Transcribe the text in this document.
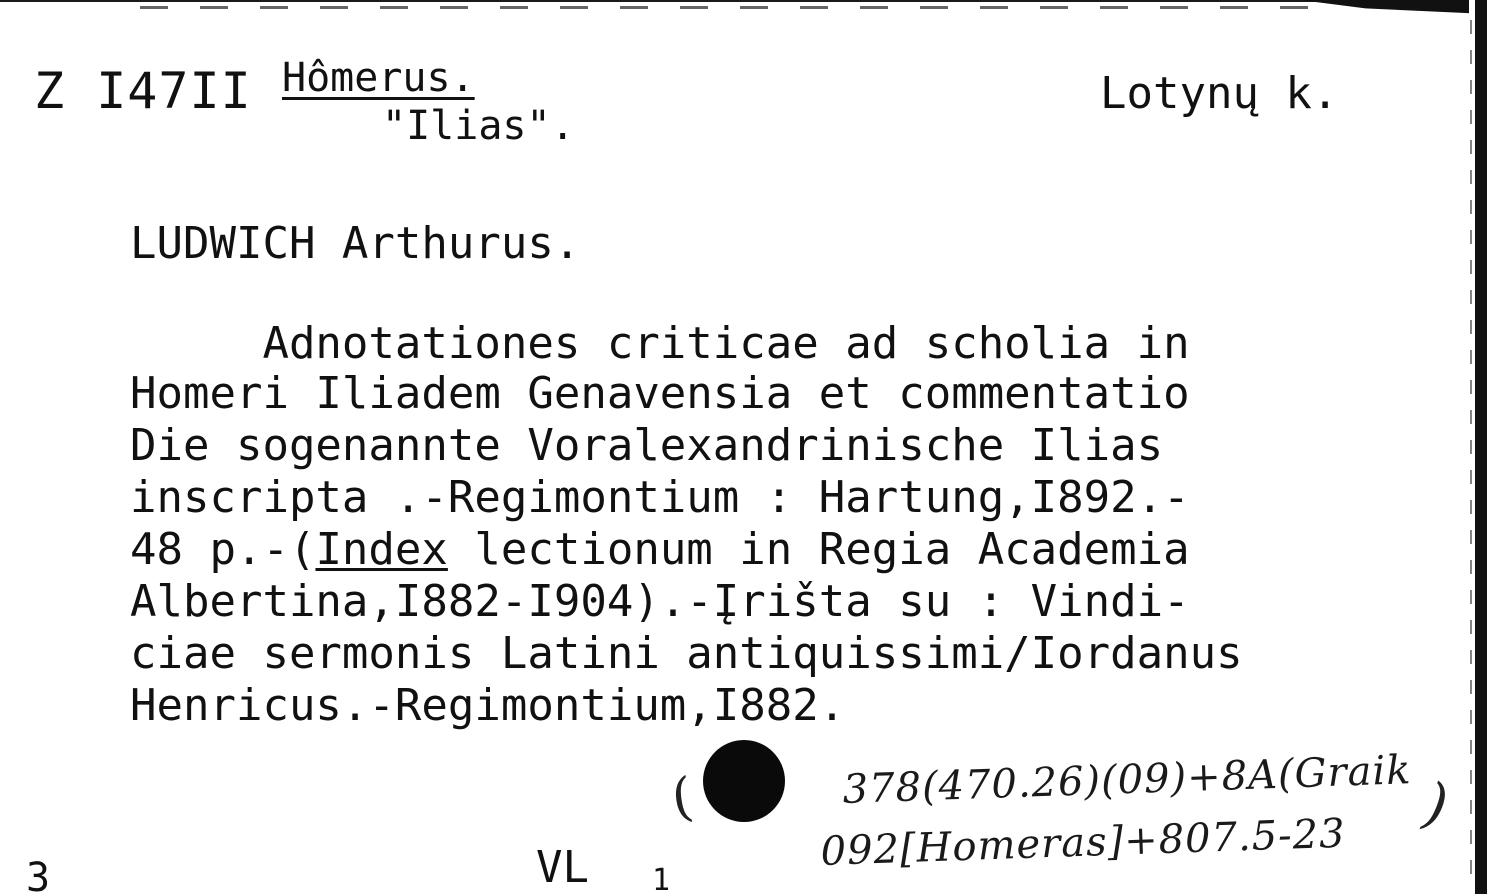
Z I47II Hômerus.
"Ilias".
Lotynų k.
LUDWICH Arthurus.
Adnotationes criticae ad scholia in
Homeri Iliadem Genavensia et commentatio
Die sogenannte Voralexandrinische Ilias
inscripta .-Regimontium : Hartung,I892.-
48 p.-(Index lectionum in Regia Academia
Albertina,I882-I904).-Įrišta su : Vindi-
ciae sermonis Latini antiquissimi/Iordanus
Henricus.-Regimontium,I882.
(	378(470.26)(09)+8A(Graik )
092[Homeras]+807.5-23
3	VL 1
